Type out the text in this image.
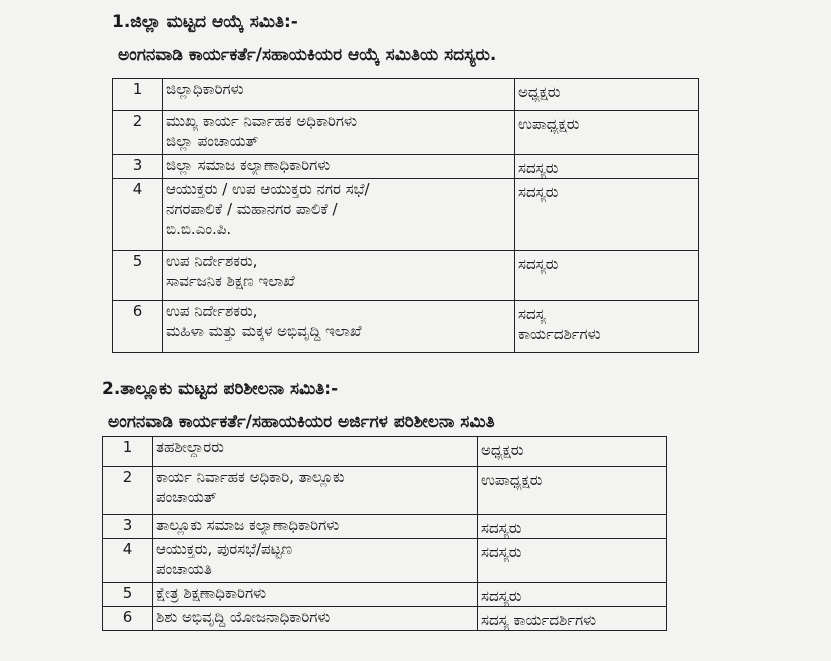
1.ಜಿಲ್ಲಾ ಮಟ್ಟದ ಆಯ್ಕೆ ಸಮಿತಿ:-
ಅಂಗನವಾಡಿ ಕಾರ್ಯಕರ್ತೆ/ಸಹಾಯಕಿಯರ ಆಯ್ಕೆ ಸಮಿತಿಯ ಸದಸ್ಯರು.
1	ಜಿಲ್ಲಾಧಿಕಾರಿಗಳು	ಅಧ್ಯಕ್ಷರು

2	ಮುಖ್ಯ ಕಾರ್ಯ ನಿರ್ವಾಹಕ ಅಧಿಕಾರಿಗಳು
ಜಿಲ್ಲಾ ಪಂಚಾಯತ್	ಉಪಾಧ್ಯಕ್ಷರು

3	ಜಿಲ್ಲಾ ಸಮಾಜ ಕಲ್ಯಾಣಾಧಿಕಾರಿಗಳು	ಸದಸ್ಯರು

4	ಆಯುಕ್ತರು / ಉಪ ಆಯುಕ್ತರು ನಗರ ಸಭೆ/
ನಗರಪಾಲಿಕೆ / ಮಹಾನಗರ ಪಾಲಿಕೆ /
ಬಿ.ಬಿ.ಎಂ.ಪಿ.	ಸದಸ್ಯರು

5	ಉಪ ನಿರ್ದೇಶಕರು,
ಸಾರ್ವಜನಿಕ ಶಿಕ್ಷಣ ಇಲಾಖೆ	ಸದಸ್ಯರು

6	ಉಪ ನಿರ್ದೇಶಕರು,
ಮಹಿಳಾ ಮತ್ತು ಮಕ್ಕಳ ಅಭಿವೃದ್ಧಿ ಇಲಾಖೆ	ಸದಸ್ಯ
ಕಾರ್ಯದರ್ಶಿಗಳು
2.ತಾಲ್ಲೂಕು ಮಟ್ಟದ ಪರಿಶೀಲನಾ ಸಮಿತಿ:-
ಅಂಗನವಾಡಿ ಕಾರ್ಯಕರ್ತೆ/ಸಹಾಯಕಿಯರ ಅರ್ಜಿಗಳ ಪರಿಶೀಲನಾ ಸಮಿತಿ
1	ತಹಶೀಲ್ದಾರರು	ಅಧ್ಯಕ್ಷರು

2	ಕಾರ್ಯ ನಿರ್ವಾಹಕ ಅಧಿಕಾರಿ, ತಾಲ್ಲೂಕು
ಪಂಚಾಯತ್	ಉಪಾಧ್ಯಕ್ಷರು

3	ತಾಲ್ಲೂಕು ಸಮಾಜ ಕಲ್ಯಾಣಾಧಿಕಾರಿಗಳು	ಸದಸ್ಯರು

4	ಆಯುಕ್ತರು, ಪುರಸಭೆ/ಪಟ್ಟಣ
ಪಂಚಾಯತಿ	ಸದಸ್ಯರು

5	ಕ್ಷೇತ್ರ ಶಿಕ್ಷಣಾಧಿಕಾರಿಗಳು	ಸದಸ್ಯರು

6	ಶಿಶು ಅಭಿವೃದ್ಧಿ ಯೋಜನಾಧಿಕಾರಿಗಳು	ಸದಸ್ಯ ಕಾರ್ಯದರ್ಶಿಗಳು
